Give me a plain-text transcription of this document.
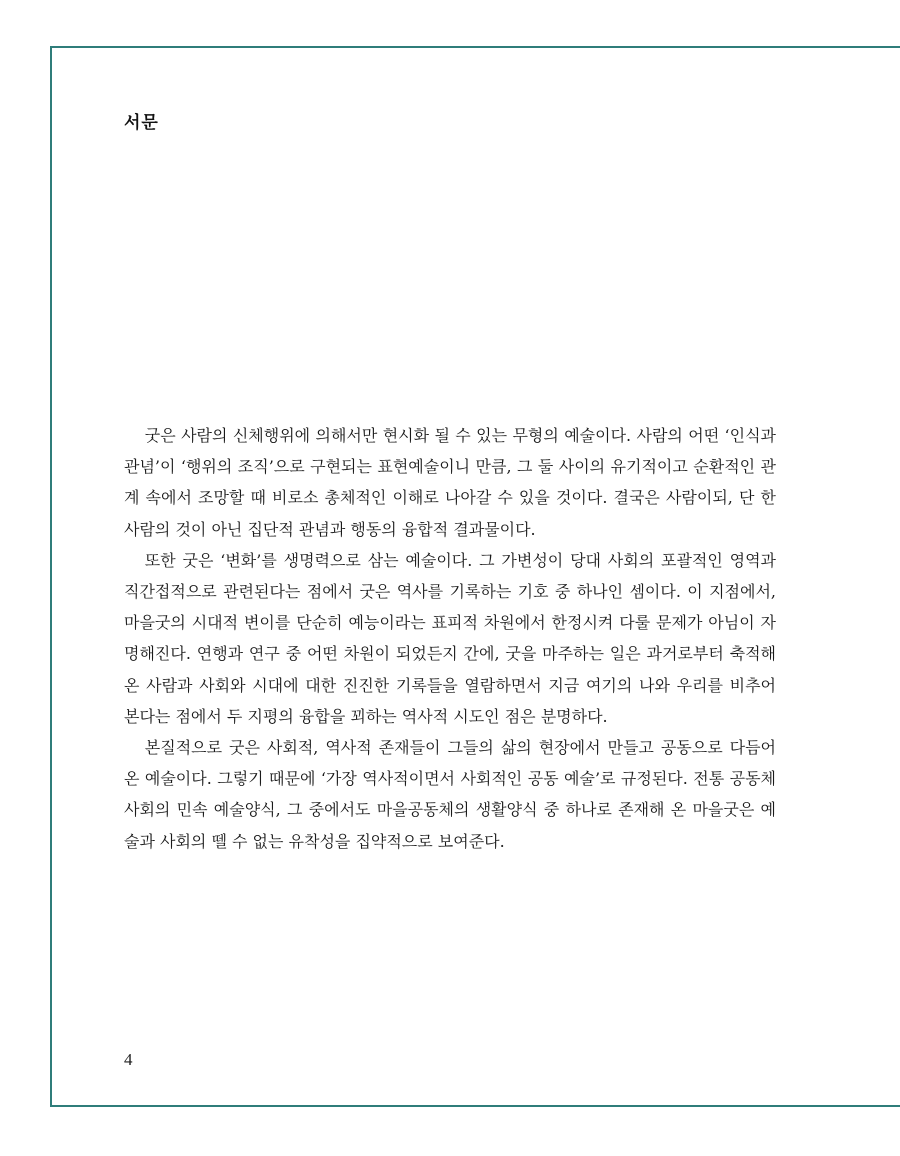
서문

굿은 사람의 신체행위에 의해서만 현시화 될 수 있는 무형의 예술이다. 사람의 어떤 ‘인식과 관념’이 ‘행위의 조직’으로 구현되는 표현예술이니 만큼, 그 둘 사이의 유기적이고 순환적인 관계 속에서 조망할 때 비로소 총체적인 이해로 나아갈 수 있을 것이다. 결국은 사람이되, 단 한 사람의 것이 아닌 집단적 관념과 행동의 융합적 결과물이다.

또한 굿은 ‘변화’를 생명력으로 삼는 예술이다. 그 가변성이 당대 사회의 포괄적인 영역과 직간접적으로 관련된다는 점에서 굿은 역사를 기록하는 기호 중 하나인 셈이다. 이 지점에서, 마을굿의 시대적 변이를 단순히 예능이라는 표피적 차원에서 한정시켜 다룰 문제가 아님이 자명해진다. 연행과 연구 중 어떤 차원이 되었든지 간에, 굿을 마주하는 일은 과거로부터 축적해 온 사람과 사회와 시대에 대한 진진한 기록들을 열람하면서 지금 여기의 나와 우리를 비추어 본다는 점에서 두 지평의 융합을 꾀하는 역사적 시도인 점은 분명하다.

본질적으로 굿은 사회적, 역사적 존재들이 그들의 삶의 현장에서 만들고 공동으로 다듬어 온 예술이다. 그렇기 때문에 ‘가장 역사적이면서 사회적인 공동 예술’로 규정된다. 전통 공동체사회의 민속 예술양식, 그 중에서도 마을공동체의 생활양식 중 하나로 존재해 온 마을굿은 예술과 사회의 뗄 수 없는 유착성을 집약적으로 보여준다.

4
